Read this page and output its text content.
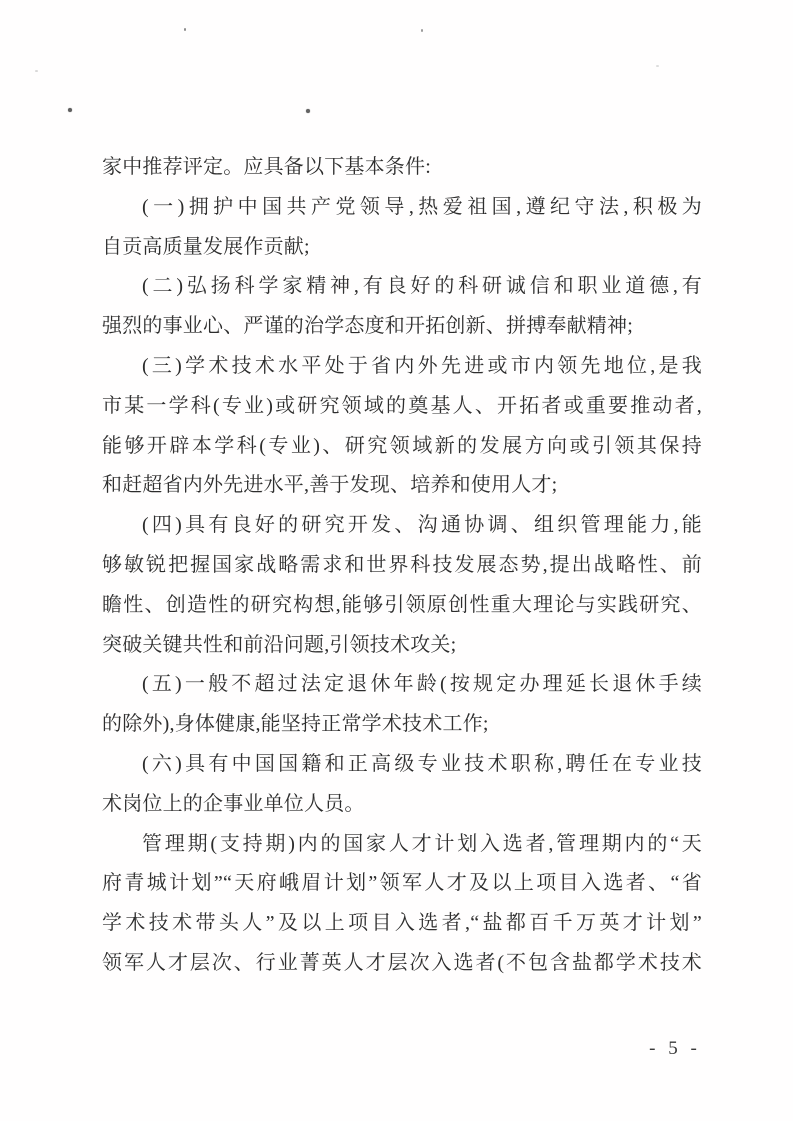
家中推荐评定。应具备以下基本条件:
(一)拥护中国共产党领导,热爱祖国,遵纪守法,积极为
自贡高质量发展作贡献;
(二)弘扬科学家精神,有良好的科研诚信和职业道德,有
强烈的事业心、严谨的治学态度和开拓创新、拼搏奉献精神;
(三)学术技术水平处于省内外先进或市内领先地位,是我
市某一学科(专业)或研究领域的奠基人、开拓者或重要推动者,
能够开辟本学科(专业)、研究领域新的发展方向或引领其保持
和赶超省内外先进水平,善于发现、培养和使用人才;
(四)具有良好的研究开发、沟通协调、组织管理能力,能
够敏锐把握国家战略需求和世界科技发展态势,提出战略性、前
瞻性、创造性的研究构想,能够引领原创性重大理论与实践研究、
突破关键共性和前沿问题,引领技术攻关;
(五)一般不超过法定退休年龄(按规定办理延长退休手续
的除外),身体健康,能坚持正常学术技术工作;
(六)具有中国国籍和正高级专业技术职称,聘任在专业技
术岗位上的企事业单位人员。
管理期(支持期)内的国家人才计划入选者,管理期内的“天
府青城计划”“天府峨眉计划”领军人才及以上项目入选者、“省
学术技术带头人”及以上项目入选者,“盐都百千万英才计划”
领军人才层次、行业菁英人才层次入选者(不包含盐都学术技术
- 5 -
